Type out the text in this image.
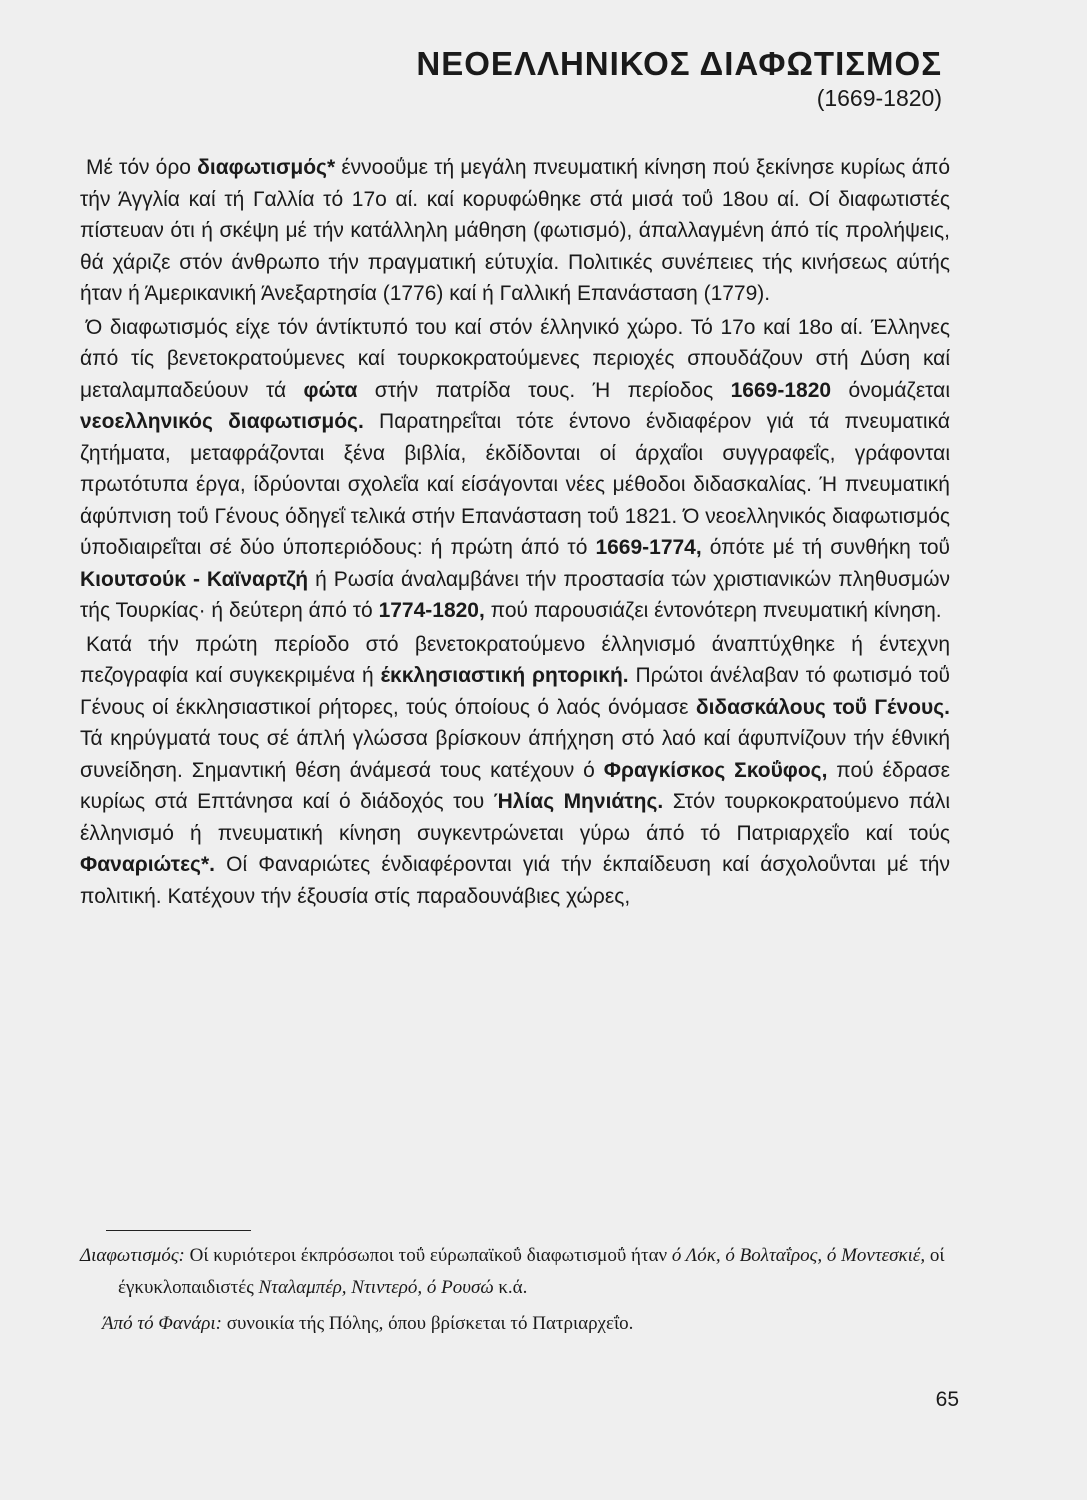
ΝΕΟΕΛΛΗΝΙΚΟΣ ΔΙΑΦΩΤΙΣΜΟΣ

(1669-1820)

Μέ τόν όρο διαφωτισμός* έννοοΰμε τή μεγάλη πνευματική κίνηση πού ξεκίνησε κυρίως άπό τήν Άγγλία καί τή Γαλλία τό 17ο αί. καί κορυφώθηκε στά μισά τοΰ 18ου αί. Οί διαφωτιστές πίστευαν ότι ή σκέψη μέ τήν κατάλληλη μάθηση (φωτισμό), άπαλλαγμένη άπό τίς προλήψεις, θά χάριζε στόν άνθρωπο τήν πραγματική εύτυχία. Πολιτικές συνέπειες τής κινήσεως αύτής ήταν ή Άμερικανική Άνεξαρτησία (1776) καί ή Γαλλική Επανάσταση (1779).

Ό διαφωτισμός είχε τόν άντίκτυπό του καί στόν έλληνικό χώρο. Τό 17ο καί 18ο αί. Έλληνες άπό τίς βενετοκρατούμενες καί τουρκοκρατούμενες περιοχές σπουδάζουν στή Δύση καί μεταλαμπαδεύουν τά φώτα στήν πατρίδα τους. Ή περίοδος 1669-1820 όνομάζεται νεοελληνικός διαφωτισμός. Παρατηρεΐται τότε έντονο ένδιαφέρον γιά τά πνευματικά ζητήματα, μεταφράζονται ξένα βιβλία, έκδίδονται οί άρχαΐοι συγγραφεΐς, γράφονται πρωτότυπα έργα, ίδρύονται σχολεΐα καί είσάγονται νέες μέθοδοι διδασκαλίας. Ή πνευματική άφύπνιση τοΰ Γένους όδηγεΐ τελικά στήν Επανάσταση τοΰ 1821. Ό νεοελληνικός διαφωτισμός ύποδιαιρεΐται σέ δύο ύποπεριόδους: ή πρώτη άπό τό 1669-1774, όπότε μέ τή συνθήκη τοΰ Κιουτσούκ - Καϊναρτζή ή Ρωσία άναλαμβάνει τήν προστασία τών χριστιανικών πληθυσμών τής Τουρκίας· ή δεύτερη άπό τό 1774-1820, πού παρουσιάζει έντονότερη πνευματική κίνηση.

Κατά τήν πρώτη περίοδο στό βενετοκρατούμενο έλληνισμό άναπτύχθηκε ή έντεχνη πεζογραφία καί συγκεκριμένα ή έκκλησιαστική ρητορική. Πρώτοι άνέλαβαν τό φωτισμό τοΰ Γένους οί έκκλησιαστικοί ρήτορες, τούς όποίους ό λαός όνόμασε διδασκάλους τοΰ Γένους. Τά κηρύγματά τους σέ άπλή γλώσσα βρίσκουν άπήχηση στό λαό καί άφυπνίζουν τήν έθνική συνείδηση. Σημαντική θέση άνάμεσά τους κατέχουν ό Φραγκίσκος Σκοΰφος, πού έδρασε κυρίως στά Επτάνησα καί ό διάδοχός του Ήλίας Μηνιάτης. Στόν τουρκοκρατούμενο πάλι έλληνισμό ή πνευματική κίνηση συγκεντρώνεται γύρω άπό τό Πατριαρχεΐο καί τούς Φαναριώτες*. Οί Φαναριώτες ένδιαφέρονται γιά τήν έκπαίδευση καί άσχολοΰνται μέ τήν πολιτική. Κατέχουν τήν έξουσία στίς παραδουνάβιες χώρες,

Διαφωτισμός: Οί κυριότεροι έκπρόσωποι τοΰ εύρωπαϊκοΰ διαφωτισμοΰ ήταν ό Λόκ, ό Βολταΐρος, ό Μοντεσκιέ, οί έγκυκλοπαιδιστές Νταλαμπέρ, Ντιντερό, ό Ρουσώ κ.ά.

Άπό τό Φανάρι: συνοικία τής Πόλης, όπου βρίσκεται τό Πατριαρχεΐο.

65
